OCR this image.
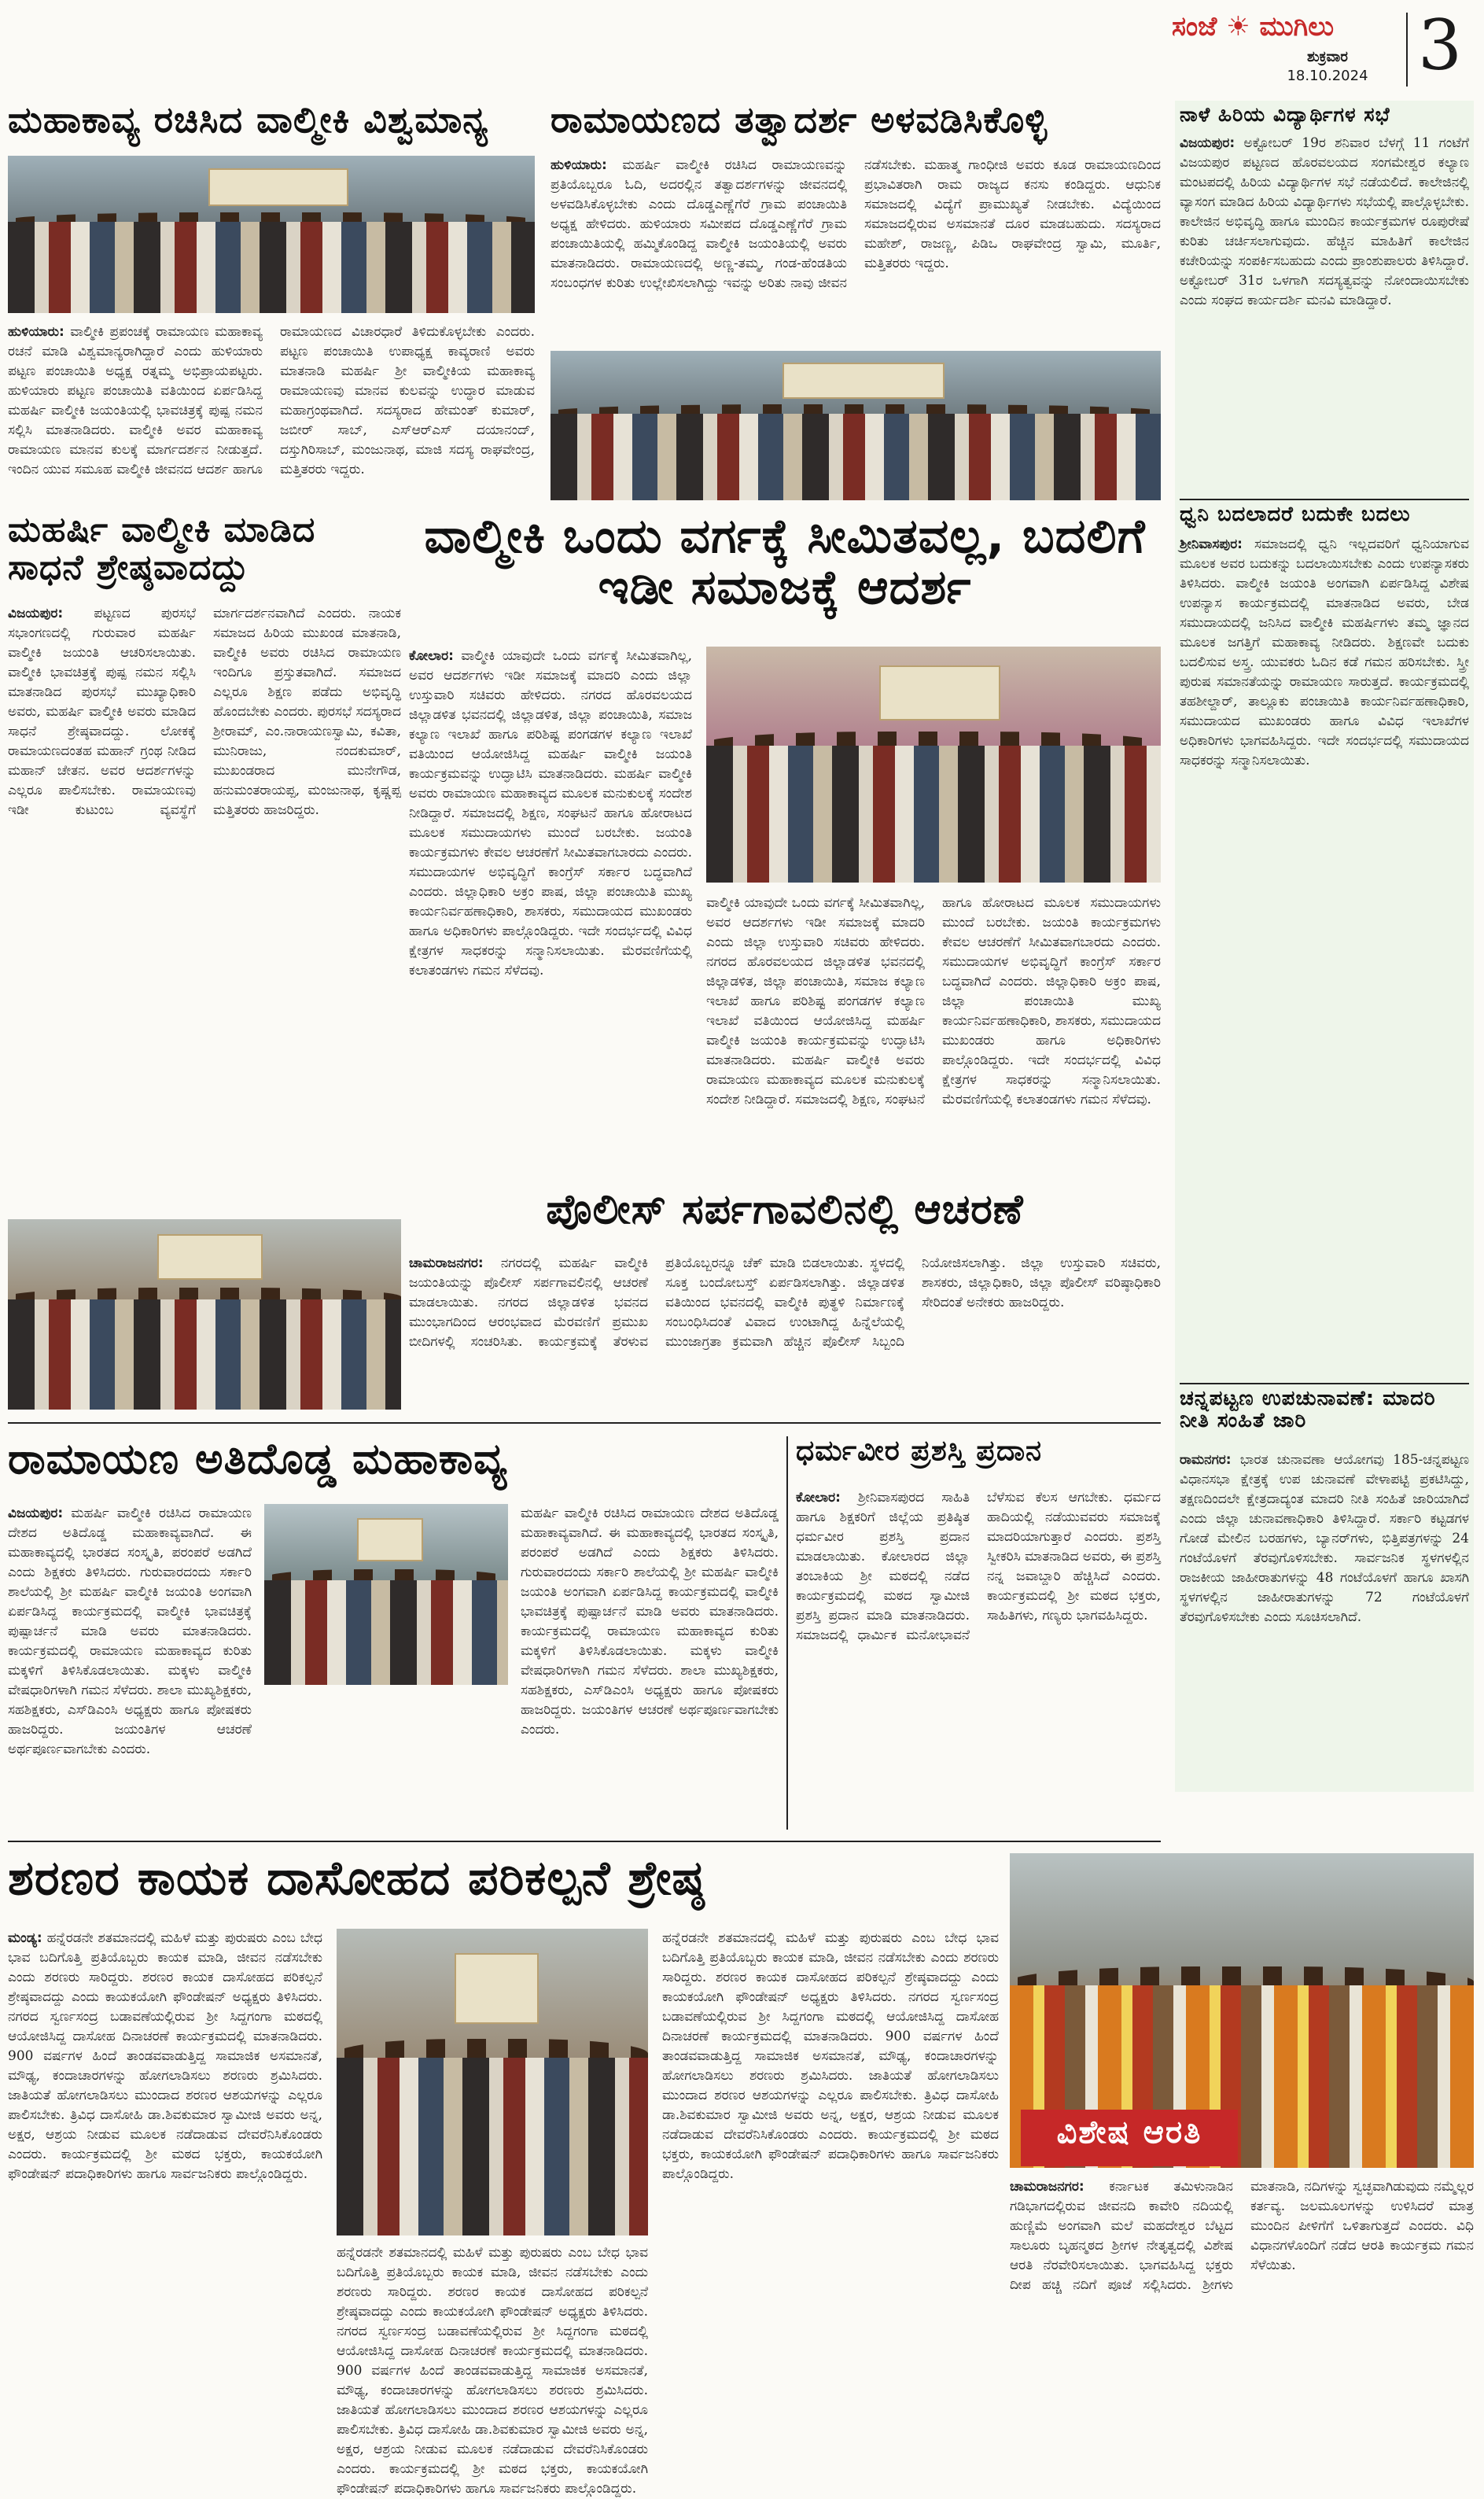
ಸಂಜೆ ☀ ಮುಗಿಲು
ಶುಕ್ರವಾರ
18.10.2024 3
ಮಹಾಕಾವ್ಯ ರಚಿಸಿದ ವಾಲ್ಮೀಕಿ ವಿಶ್ವಮಾನ್ಯ
ಹುಳಿಯಾರು: ವಾಲ್ಮೀಕಿ ಪ್ರಪಂಚಕ್ಕೆ ರಾಮಾಯಣ ಮಹಾಕಾವ್ಯ ರಚನೆ ಮಾಡಿ ವಿಶ್ವಮಾನ್ಯರಾಗಿದ್ದಾರೆ ಎಂದು ಹುಳಿಯಾರು ಪಟ್ಟಣ ಪಂಚಾಯಿತಿ ಅಧ್ಯಕ್ಷ ರತ್ನಮ್ಮ ಅಭಿಪ್ರಾಯಪಟ್ಟರು. ಹುಳಿಯಾರು ಪಟ್ಟಣ ಪಂಚಾಯಿತಿ ವತಿಯಿಂದ ಏರ್ಪಡಿಸಿದ್ದ ಮಹರ್ಷಿ ವಾಲ್ಮೀಕಿ ಜಯಂತಿಯಲ್ಲಿ ಭಾವಚಿತ್ರಕ್ಕೆ ಪುಷ್ಪ ನಮನ ಸಲ್ಲಿಸಿ ಮಾತನಾಡಿದರು. ವಾಲ್ಮೀಕಿ ಅವರ ಮಹಾಕಾವ್ಯ ರಾಮಾಯಣ ಮಾನವ ಕುಲಕ್ಕೆ ಮಾರ್ಗದರ್ಶನ ನೀಡುತ್ತದೆ. ಇಂದಿನ ಯುವ ಸಮೂಹ ವಾಲ್ಮೀಕಿ ಜೀವನದ ಆದರ್ಶ ಹಾಗೂ ರಾಮಾಯಣದ ವಿಚಾರಧಾರೆ ತಿಳಿದುಕೊಳ್ಳಬೇಕು ಎಂದರು. ಪಟ್ಟಣ ಪಂಚಾಯಿತಿ ಉಪಾಧ್ಯಕ್ಷ ಕಾವ್ಯರಾಣಿ ಅವರು ಮಾತನಾಡಿ ಮಹರ್ಷಿ ಶ್ರೀ ವಾಲ್ಮೀಕಿಯ ಮಹಾಕಾವ್ಯ ರಾಮಾಯಣವು ಮಾನವ ಕುಲವನ್ನು ಉದ್ಧಾರ ಮಾಡುವ ಮಹಾಗ್ರಂಥವಾಗಿದೆ. ಸದಸ್ಯರಾದ ಹೇಮಂತ್ ಕುಮಾರ್, ಜಬೀರ್ ಸಾಬ್, ಎಸ್ಆರ್‌ಎಸ್ ದಯಾನಂದ್, ದಸ್ತುಗಿರಿಸಾಬ್, ಮಂಜುನಾಥ, ಮಾಜಿ ಸದಸ್ಯ ರಾಘವೇಂದ್ರ, ಮತ್ತಿತರರು ಇದ್ದರು.
ರಾಮಾಯಣದ ತತ್ವಾದರ್ಶ ಅಳವಡಿಸಿಕೊಳ್ಳಿ
ಹುಳಿಯಾರು: ಮಹರ್ಷಿ ವಾಲ್ಮೀಕಿ ರಚಿಸಿದ ರಾಮಾಯಣವನ್ನು ಪ್ರತಿಯೊಬ್ಬರೂ ಓದಿ, ಅದರಲ್ಲಿನ ತತ್ವಾದರ್ಶಗಳನ್ನು ಜೀವನದಲ್ಲಿ ಅಳವಡಿಸಿಕೊಳ್ಳಬೇಕು ಎಂದು ದೊಡ್ಡಎಣ್ಣೆಗೆರೆ ಗ್ರಾಮ ಪಂಚಾಯಿತಿ ಅಧ್ಯಕ್ಷ ಹೇಳಿದರು. ಹುಳಿಯಾರು ಸಮೀಪದ ದೊಡ್ಡಎಣ್ಣೆಗೆರೆ ಗ್ರಾಮ ಪಂಚಾಯಿತಿಯಲ್ಲಿ ಹಮ್ಮಿಕೊಂಡಿದ್ದ ವಾಲ್ಮೀಕಿ ಜಯಂತಿಯಲ್ಲಿ ಅವರು ಮಾತನಾಡಿದರು. ರಾಮಾಯಣದಲ್ಲಿ ಅಣ್ಣ-ತಮ್ಮ, ಗಂಡ-ಹೆಂಡತಿಯ ಸಂಬಂಧಗಳ ಕುರಿತು ಉಲ್ಲೇಖಿಸಲಾಗಿದ್ದು ಇವನ್ನು ಅರಿತು ನಾವು ಜೀವನ ನಡೆಸಬೇಕು. ಮಹಾತ್ಮ ಗಾಂಧೀಜಿ ಅವರು ಕೂಡ ರಾಮಾಯಣದಿಂದ ಪ್ರಭಾವಿತರಾಗಿ ರಾಮ ರಾಜ್ಯದ ಕನಸು ಕಂಡಿದ್ದರು. ಆಧುನಿಕ ಸಮಾಜದಲ್ಲಿ ವಿದ್ಯೆಗೆ ಪ್ರಾಮುಖ್ಯತೆ ನೀಡಬೇಕು. ವಿದ್ಯೆಯಿಂದ ಸಮಾಜದಲ್ಲಿರುವ ಅಸಮಾನತೆ ದೂರ ಮಾಡಬಹುದು. ಸದಸ್ಯರಾದ ಮಹೇಶ್, ರಾಜಣ್ಣ, ಪಿಡಿಒ ರಾಘವೇಂದ್ರ ಸ್ವಾಮಿ, ಮೂರ್ತಿ, ಮತ್ತಿತರರು ಇದ್ದರು.
ನಾಳೆ ಹಿರಿಯ ವಿದ್ಯಾರ್ಥಿಗಳ ಸಭೆ
ವಿಜಯಪುರ: ಅಕ್ಟೋಬರ್ 19ರ ಶನಿವಾರ ಬೆಳಗ್ಗೆ 11 ಗಂಟೆಗೆ ವಿಜಯಪುರ ಪಟ್ಟಣದ ಹೊರವಲಯದ ಸಂಗಮೇಶ್ವರ ಕಲ್ಯಾಣ ಮಂಟಪದಲ್ಲಿ ಹಿರಿಯ ವಿದ್ಯಾರ್ಥಿಗಳ ಸಭೆ ನಡೆಯಲಿದೆ. ಕಾಲೇಜಿನಲ್ಲಿ ವ್ಯಾಸಂಗ ಮಾಡಿದ ಹಿರಿಯ ವಿದ್ಯಾರ್ಥಿಗಳು ಸಭೆಯಲ್ಲಿ ಪಾಲ್ಗೊಳ್ಳಬೇಕು. ಕಾಲೇಜಿನ ಅಭಿವೃದ್ಧಿ ಹಾಗೂ ಮುಂದಿನ ಕಾರ್ಯಕ್ರಮಗಳ ರೂಪುರೇಷೆ ಕುರಿತು ಚರ್ಚಿಸಲಾಗುವುದು. ಹೆಚ್ಚಿನ ಮಾಹಿತಿಗೆ ಕಾಲೇಜಿನ ಕಚೇರಿಯನ್ನು ಸಂಪರ್ಕಿಸಬಹುದು ಎಂದು ಪ್ರಾಂಶುಪಾಲರು ತಿಳಿಸಿದ್ದಾರೆ. ಅಕ್ಟೋಬರ್ 31ರ ಒಳಗಾಗಿ ಸದಸ್ಯತ್ವವನ್ನು ನೋಂದಾಯಿಸಬೇಕು ಎಂದು ಸಂಘದ ಕಾರ್ಯದರ್ಶಿ ಮನವಿ ಮಾಡಿದ್ದಾರೆ.
ಧ್ವನಿ ಬದಲಾದರೆ ಬದುಕೇ ಬದಲು
ಶ್ರೀನಿವಾಸಪುರ: ಸಮಾಜದಲ್ಲಿ ಧ್ವನಿ ಇಲ್ಲದವರಿಗೆ ಧ್ವನಿಯಾಗುವ ಮೂಲಕ ಅವರ ಬದುಕನ್ನು ಬದಲಾಯಿಸಬೇಕು ಎಂದು ಉಪನ್ಯಾಸಕರು ತಿಳಿಸಿದರು. ವಾಲ್ಮೀಕಿ ಜಯಂತಿ ಅಂಗವಾಗಿ ಏರ್ಪಡಿಸಿದ್ದ ವಿಶೇಷ ಉಪನ್ಯಾಸ ಕಾರ್ಯಕ್ರಮದಲ್ಲಿ ಮಾತನಾಡಿದ ಅವರು, ಬೇಡ ಸಮುದಾಯದಲ್ಲಿ ಜನಿಸಿದ ವಾಲ್ಮೀಕಿ ಮಹರ್ಷಿಗಳು ತಮ್ಮ ಜ್ಞಾನದ ಮೂಲಕ ಜಗತ್ತಿಗೆ ಮಹಾಕಾವ್ಯ ನೀಡಿದರು. ಶಿಕ್ಷಣವೇ ಬದುಕು ಬದಲಿಸುವ ಅಸ್ತ್ರ. ಯುವಕರು ಓದಿನ ಕಡೆ ಗಮನ ಹರಿಸಬೇಕು. ಸ್ತ್ರೀ ಪುರುಷ ಸಮಾನತೆಯನ್ನು ರಾಮಾಯಣ ಸಾರುತ್ತದೆ. ಕಾರ್ಯಕ್ರಮದಲ್ಲಿ ತಹಶೀಲ್ದಾರ್, ತಾಲ್ಲೂಕು ಪಂಚಾಯಿತಿ ಕಾರ್ಯನಿರ್ವಹಣಾಧಿಕಾರಿ, ಸಮುದಾಯದ ಮುಖಂಡರು ಹಾಗೂ ವಿವಿಧ ಇಲಾಖೆಗಳ ಅಧಿಕಾರಿಗಳು ಭಾಗವಹಿಸಿದ್ದರು. ಇದೇ ಸಂದರ್ಭದಲ್ಲಿ ಸಮುದಾಯದ ಸಾಧಕರನ್ನು ಸನ್ಮಾನಿಸಲಾಯಿತು.
ಚನ್ನಪಟ್ಟಣ ಉಪಚುನಾವಣೆ: ಮಾದರಿ ನೀತಿ ಸಂಹಿತೆ ಜಾರಿ
ರಾಮನಗರ: ಭಾರತ ಚುನಾವಣಾ ಆಯೋಗವು 185-ಚನ್ನಪಟ್ಟಣ ವಿಧಾನಸಭಾ ಕ್ಷೇತ್ರಕ್ಕೆ ಉಪ ಚುನಾವಣೆ ವೇಳಾಪಟ್ಟಿ ಪ್ರಕಟಿಸಿದ್ದು, ತಕ್ಷಣದಿಂದಲೇ ಕ್ಷೇತ್ರದಾದ್ಯಂತ ಮಾದರಿ ನೀತಿ ಸಂಹಿತೆ ಜಾರಿಯಾಗಿದೆ ಎಂದು ಜಿಲ್ಲಾ ಚುನಾವಣಾಧಿಕಾರಿ ತಿಳಿಸಿದ್ದಾರೆ. ಸರ್ಕಾರಿ ಕಟ್ಟಡಗಳ ಗೋಡೆ ಮೇಲಿನ ಬರಹಗಳು, ಬ್ಯಾನರ್‌ಗಳು, ಭಿತ್ತಿಪತ್ರಗಳನ್ನು 24 ಗಂಟೆಯೊಳಗೆ ತೆರವುಗೊಳಿಸಬೇಕು. ಸಾರ್ವಜನಿಕ ಸ್ಥಳಗಳಲ್ಲಿನ ರಾಜಕೀಯ ಜಾಹೀರಾತುಗಳನ್ನು 48 ಗಂಟೆಯೊಳಗೆ ಹಾಗೂ ಖಾಸಗಿ ಸ್ಥಳಗಳಲ್ಲಿನ ಜಾಹೀರಾತುಗಳನ್ನು 72 ಗಂಟೆಯೊಳಗೆ ತೆರವುಗೊಳಿಸಬೇಕು ಎಂದು ಸೂಚಿಸಲಾಗಿದೆ.
ಮಹರ್ಷಿ ವಾಲ್ಮೀಕಿ ಮಾಡಿದ ಸಾಧನೆ ಶ್ರೇಷ್ಠವಾದದ್ದು
ವಿಜಯಪುರ: ಪಟ್ಟಣದ ಪುರಸಭೆ ಸಭಾಂಗಣದಲ್ಲಿ ಗುರುವಾರ ಮಹರ್ಷಿ ವಾಲ್ಮೀಕಿ ಜಯಂತಿ ಆಚರಿಸಲಾಯಿತು. ವಾಲ್ಮೀಕಿ ಭಾವಚಿತ್ರಕ್ಕೆ ಪುಷ್ಪ ನಮನ ಸಲ್ಲಿಸಿ ಮಾತನಾಡಿದ ಪುರಸಭೆ ಮುಖ್ಯಾಧಿಕಾರಿ ಅವರು, ಮಹರ್ಷಿ ವಾಲ್ಮೀಕಿ ಅವರು ಮಾಡಿದ ಸಾಧನೆ ಶ್ರೇಷ್ಠವಾದದ್ದು. ಲೋಕಕ್ಕೆ ರಾಮಾಯಣದಂತಹ ಮಹಾನ್ ಗ್ರಂಥ ನೀಡಿದ ಮಹಾನ್ ಚೇತನ. ಅವರ ಆದರ್ಶಗಳನ್ನು ಎಲ್ಲರೂ ಪಾಲಿಸಬೇಕು. ರಾಮಾಯಣವು ಇಡೀ ಕುಟುಂಬ ವ್ಯವಸ್ಥೆಗೆ ಮಾರ್ಗದರ್ಶನವಾಗಿದೆ ಎಂದರು. ನಾಯಕ ಸಮಾಜದ ಹಿರಿಯ ಮುಖಂಡ ಮಾತನಾಡಿ, ವಾಲ್ಮೀಕಿ ಅವರು ರಚಿಸಿದ ರಾಮಾಯಣ ಇಂದಿಗೂ ಪ್ರಸ್ತುತವಾಗಿದೆ. ಸಮಾಜದ ಎಲ್ಲರೂ ಶಿಕ್ಷಣ ಪಡೆದು ಅಭಿವೃದ್ಧಿ ಹೊಂದಬೇಕು ಎಂದರು. ಪುರಸಭೆ ಸದಸ್ಯರಾದ ಶ್ರೀರಾಮ್, ಎಂ.ನಾರಾಯಣಸ್ವಾಮಿ, ಕವಿತಾ, ಮುನಿರಾಜು, ನಂದಕುಮಾರ್, ಮುಖಂಡರಾದ ಮುನೇಗೌಡ, ಹನುಮಂತರಾಯಪ್ಪ, ಮಂಜುನಾಥ, ಕೃಷ್ಣಪ್ಪ ಮತ್ತಿತರರು ಹಾಜರಿದ್ದರು.
ವಾಲ್ಮೀಕಿ ಒಂದು ವರ್ಗಕ್ಕೆ ಸೀಮಿತವಲ್ಲ, ಬದಲಿಗೆ ಇಡೀ ಸಮಾಜಕ್ಕೆ ಆದರ್ಶ
ಕೋಲಾರ: ವಾಲ್ಮೀಕಿ ಯಾವುದೇ ಒಂದು ವರ್ಗಕ್ಕೆ ಸೀಮಿತವಾಗಿಲ್ಲ, ಅವರ ಆದರ್ಶಗಳು ಇಡೀ ಸಮಾಜಕ್ಕೆ ಮಾದರಿ ಎಂದು ಜಿಲ್ಲಾ ಉಸ್ತುವಾರಿ ಸಚಿವರು ಹೇಳಿದರು. ನಗರದ ಹೊರವಲಯದ ಜಿಲ್ಲಾಡಳಿತ ಭವನದಲ್ಲಿ ಜಿಲ್ಲಾಡಳಿತ, ಜಿಲ್ಲಾ ಪಂಚಾಯಿತಿ, ಸಮಾಜ ಕಲ್ಯಾಣ ಇಲಾಖೆ ಹಾಗೂ ಪರಿಶಿಷ್ಟ ಪಂಗಡಗಳ ಕಲ್ಯಾಣ ಇಲಾಖೆ ವತಿಯಿಂದ ಆಯೋಜಿಸಿದ್ದ ಮಹರ್ಷಿ ವಾಲ್ಮೀಕಿ ಜಯಂತಿ ಕಾರ್ಯಕ್ರಮವನ್ನು ಉದ್ಘಾಟಿಸಿ ಮಾತನಾಡಿದರು. ಮಹರ್ಷಿ ವಾಲ್ಮೀಕಿ ಅವರು ರಾಮಾಯಣ ಮಹಾಕಾವ್ಯದ ಮೂಲಕ ಮನುಕುಲಕ್ಕೆ ಸಂದೇಶ ನೀಡಿದ್ದಾರೆ. ಸಮಾಜದಲ್ಲಿ ಶಿಕ್ಷಣ, ಸಂಘಟನೆ ಹಾಗೂ ಹೋರಾಟದ ಮೂಲಕ ಸಮುದಾಯಗಳು ಮುಂದೆ ಬರಬೇಕು. ಜಯಂತಿ ಕಾರ್ಯಕ್ರಮಗಳು ಕೇವಲ ಆಚರಣೆಗೆ ಸೀಮಿತವಾಗಬಾರದು ಎಂದರು. ಸಮುದಾಯಗಳ ಅಭಿವೃದ್ಧಿಗೆ ಕಾಂಗ್ರೆಸ್ ಸರ್ಕಾರ ಬದ್ಧವಾಗಿದೆ ಎಂದರು. ಜಿಲ್ಲಾಧಿಕಾರಿ ಅಕ್ರಂ ಪಾಷ, ಜಿಲ್ಲಾ ಪಂಚಾಯಿತಿ ಮುಖ್ಯ ಕಾರ್ಯನಿರ್ವಹಣಾಧಿಕಾರಿ, ಶಾಸಕರು, ಸಮುದಾಯದ ಮುಖಂಡರು ಹಾಗೂ ಅಧಿಕಾರಿಗಳು ಪಾಲ್ಗೊಂಡಿದ್ದರು. ಇದೇ ಸಂದರ್ಭದಲ್ಲಿ ವಿವಿಧ ಕ್ಷೇತ್ರಗಳ ಸಾಧಕರನ್ನು ಸನ್ಮಾನಿಸಲಾಯಿತು. ಮೆರವಣಿಗೆಯಲ್ಲಿ ಕಲಾತಂಡಗಳು ಗಮನ ಸೆಳೆದವು.
ವಾಲ್ಮೀಕಿ ಯಾವುದೇ ಒಂದು ವರ್ಗಕ್ಕೆ ಸೀಮಿತವಾಗಿಲ್ಲ, ಅವರ ಆದರ್ಶಗಳು ಇಡೀ ಸಮಾಜಕ್ಕೆ ಮಾದರಿ ಎಂದು ಜಿಲ್ಲಾ ಉಸ್ತುವಾರಿ ಸಚಿವರು ಹೇಳಿದರು. ನಗರದ ಹೊರವಲಯದ ಜಿಲ್ಲಾಡಳಿತ ಭವನದಲ್ಲಿ ಜಿಲ್ಲಾಡಳಿತ, ಜಿಲ್ಲಾ ಪಂಚಾಯಿತಿ, ಸಮಾಜ ಕಲ್ಯಾಣ ಇಲಾಖೆ ಹಾಗೂ ಪರಿಶಿಷ್ಟ ಪಂಗಡಗಳ ಕಲ್ಯಾಣ ಇಲಾಖೆ ವತಿಯಿಂದ ಆಯೋಜಿಸಿದ್ದ ಮಹರ್ಷಿ ವಾಲ್ಮೀಕಿ ಜಯಂತಿ ಕಾರ್ಯಕ್ರಮವನ್ನು ಉದ್ಘಾಟಿಸಿ ಮಾತನಾಡಿದರು. ಮಹರ್ಷಿ ವಾಲ್ಮೀಕಿ ಅವರು ರಾಮಾಯಣ ಮಹಾಕಾವ್ಯದ ಮೂಲಕ ಮನುಕುಲಕ್ಕೆ ಸಂದೇಶ ನೀಡಿದ್ದಾರೆ. ಸಮಾಜದಲ್ಲಿ ಶಿಕ್ಷಣ, ಸಂಘಟನೆ ಹಾಗೂ ಹೋರಾಟದ ಮೂಲಕ ಸಮುದಾಯಗಳು ಮುಂದೆ ಬರಬೇಕು. ಜಯಂತಿ ಕಾರ್ಯಕ್ರಮಗಳು ಕೇವಲ ಆಚರಣೆಗೆ ಸೀಮಿತವಾಗಬಾರದು ಎಂದರು. ಸಮುದಾಯಗಳ ಅಭಿವೃದ್ಧಿಗೆ ಕಾಂಗ್ರೆಸ್ ಸರ್ಕಾರ ಬದ್ಧವಾಗಿದೆ ಎಂದರು. ಜಿಲ್ಲಾಧಿಕಾರಿ ಅಕ್ರಂ ಪಾಷ, ಜಿಲ್ಲಾ ಪಂಚಾಯಿತಿ ಮುಖ್ಯ ಕಾರ್ಯನಿರ್ವಹಣಾಧಿಕಾರಿ, ಶಾಸಕರು, ಸಮುದಾಯದ ಮುಖಂಡರು ಹಾಗೂ ಅಧಿಕಾರಿಗಳು ಪಾಲ್ಗೊಂಡಿದ್ದರು. ಇದೇ ಸಂದರ್ಭದಲ್ಲಿ ವಿವಿಧ ಕ್ಷೇತ್ರಗಳ ಸಾಧಕರನ್ನು ಸನ್ಮಾನಿಸಲಾಯಿತು. ಮೆರವಣಿಗೆಯಲ್ಲಿ ಕಲಾತಂಡಗಳು ಗಮನ ಸೆಳೆದವು.
ಪೊಲೀಸ್ ಸರ್ಪಗಾವಲಿನಲ್ಲಿ ಆಚರಣೆ
ಚಾಮರಾಜನಗರ: ನಗರದಲ್ಲಿ ಮಹರ್ಷಿ ವಾಲ್ಮೀಕಿ ಜಯಂತಿಯನ್ನು ಪೊಲೀಸ್ ಸರ್ಪಗಾವಲಿನಲ್ಲಿ ಆಚರಣೆ ಮಾಡಲಾಯಿತು. ನಗರದ ಜಿಲ್ಲಾಡಳಿತ ಭವನದ ಮುಂಭಾಗದಿಂದ ಆರಂಭವಾದ ಮೆರವಣಿಗೆ ಪ್ರಮುಖ ಬೀದಿಗಳಲ್ಲಿ ಸಂಚರಿಸಿತು. ಕಾರ್ಯಕ್ರಮಕ್ಕೆ ತೆರಳುವ ಪ್ರತಿಯೊಬ್ಬರನ್ನೂ ಚೆಕ್ ಮಾಡಿ ಬಿಡಲಾಯಿತು. ಸ್ಥಳದಲ್ಲಿ ಸೂಕ್ತ ಬಂದೋಬಸ್ತ್ ಏರ್ಪಡಿಸಲಾಗಿತ್ತು. ಜಿಲ್ಲಾಡಳಿತ ವತಿಯಿಂದ ಭವನದಲ್ಲಿ ವಾಲ್ಮೀಕಿ ಪುತ್ಥಳಿ ನಿರ್ಮಾಣಕ್ಕೆ ಸಂಬಂಧಿಸಿದಂತೆ ವಿವಾದ ಉಂಟಾಗಿದ್ದ ಹಿನ್ನೆಲೆಯಲ್ಲಿ ಮುಂಜಾಗ್ರತಾ ಕ್ರಮವಾಗಿ ಹೆಚ್ಚಿನ ಪೊಲೀಸ್ ಸಿಬ್ಬಂದಿ ನಿಯೋಜಿಸಲಾಗಿತ್ತು. ಜಿಲ್ಲಾ ಉಸ್ತುವಾರಿ ಸಚಿವರು, ಶಾಸಕರು, ಜಿಲ್ಲಾಧಿಕಾರಿ, ಜಿಲ್ಲಾ ಪೊಲೀಸ್ ವರಿಷ್ಠಾಧಿಕಾರಿ ಸೇರಿದಂತೆ ಅನೇಕರು ಹಾಜರಿದ್ದರು.
ರಾಮಾಯಣ ಅತಿದೊಡ್ಡ ಮಹಾಕಾವ್ಯ
ವಿಜಯಪುರ: ಮಹರ್ಷಿ ವಾಲ್ಮೀಕಿ ರಚಿಸಿದ ರಾಮಾಯಣ ದೇಶದ ಅತಿದೊಡ್ಡ ಮಹಾಕಾವ್ಯವಾಗಿದೆ. ಈ ಮಹಾಕಾವ್ಯದಲ್ಲಿ ಭಾರತದ ಸಂಸ್ಕೃತಿ, ಪರಂಪರೆ ಅಡಗಿದೆ ಎಂದು ಶಿಕ್ಷಕರು ತಿಳಿಸಿದರು. ಗುರುವಾರದಂದು ಸರ್ಕಾರಿ ಶಾಲೆಯಲ್ಲಿ ಶ್ರೀ ಮಹರ್ಷಿ ವಾಲ್ಮೀಕಿ ಜಯಂತಿ ಅಂಗವಾಗಿ ಏರ್ಪಡಿಸಿದ್ದ ಕಾರ್ಯಕ್ರಮದಲ್ಲಿ ವಾಲ್ಮೀಕಿ ಭಾವಚಿತ್ರಕ್ಕೆ ಪುಷ್ಪಾರ್ಚನೆ ಮಾಡಿ ಅವರು ಮಾತನಾಡಿದರು. ಕಾರ್ಯಕ್ರಮದಲ್ಲಿ ರಾಮಾಯಣ ಮಹಾಕಾವ್ಯದ ಕುರಿತು ಮಕ್ಕಳಿಗೆ ತಿಳಿಸಿಕೊಡಲಾಯಿತು. ಮಕ್ಕಳು ವಾಲ್ಮೀಕಿ ವೇಷಧಾರಿಗಳಾಗಿ ಗಮನ ಸೆಳೆದರು. ಶಾಲಾ ಮುಖ್ಯಶಿಕ್ಷಕರು, ಸಹಶಿಕ್ಷಕರು, ಎಸ್‌ಡಿಎಂಸಿ ಅಧ್ಯಕ್ಷರು ಹಾಗೂ ಪೋಷಕರು ಹಾಜರಿದ್ದರು. ಜಯಂತಿಗಳ ಆಚರಣೆ ಅರ್ಥಪೂರ್ಣವಾಗಬೇಕು ಎಂದರು.
ಮಹರ್ಷಿ ವಾಲ್ಮೀಕಿ ರಚಿಸಿದ ರಾಮಾಯಣ ದೇಶದ ಅತಿದೊಡ್ಡ ಮಹಾಕಾವ್ಯವಾಗಿದೆ. ಈ ಮಹಾಕಾವ್ಯದಲ್ಲಿ ಭಾರತದ ಸಂಸ್ಕೃತಿ, ಪರಂಪರೆ ಅಡಗಿದೆ ಎಂದು ಶಿಕ್ಷಕರು ತಿಳಿಸಿದರು. ಗುರುವಾರದಂದು ಸರ್ಕಾರಿ ಶಾಲೆಯಲ್ಲಿ ಶ್ರೀ ಮಹರ್ಷಿ ವಾಲ್ಮೀಕಿ ಜಯಂತಿ ಅಂಗವಾಗಿ ಏರ್ಪಡಿಸಿದ್ದ ಕಾರ್ಯಕ್ರಮದಲ್ಲಿ ವಾಲ್ಮೀಕಿ ಭಾವಚಿತ್ರಕ್ಕೆ ಪುಷ್ಪಾರ್ಚನೆ ಮಾಡಿ ಅವರು ಮಾತನಾಡಿದರು. ಕಾರ್ಯಕ್ರಮದಲ್ಲಿ ರಾಮಾಯಣ ಮಹಾಕಾವ್ಯದ ಕುರಿತು ಮಕ್ಕಳಿಗೆ ತಿಳಿಸಿಕೊಡಲಾಯಿತು. ಮಕ್ಕಳು ವಾಲ್ಮೀಕಿ ವೇಷಧಾರಿಗಳಾಗಿ ಗಮನ ಸೆಳೆದರು. ಶಾಲಾ ಮುಖ್ಯಶಿಕ್ಷಕರು, ಸಹಶಿಕ್ಷಕರು, ಎಸ್‌ಡಿಎಂಸಿ ಅಧ್ಯಕ್ಷರು ಹಾಗೂ ಪೋಷಕರು ಹಾಜರಿದ್ದರು. ಜಯಂತಿಗಳ ಆಚರಣೆ ಅರ್ಥಪೂರ್ಣವಾಗಬೇಕು ಎಂದರು.
ಧರ್ಮವೀರ ಪ್ರಶಸ್ತಿ ಪ್ರದಾನ
ಕೋಲಾರ: ಶ್ರೀನಿವಾಸಪುರದ ಸಾಹಿತಿ ಹಾಗೂ ಶಿಕ್ಷಕರಿಗೆ ಜಿಲ್ಲೆಯ ಪ್ರತಿಷ್ಠಿತ ಧರ್ಮವೀರ ಪ್ರಶಸ್ತಿ ಪ್ರದಾನ ಮಾಡಲಾಯಿತು. ಕೋಲಾರದ ಜಿಲ್ಲಾ ತಂಬಾಕಿಯ ಶ್ರೀ ಮಠದಲ್ಲಿ ನಡೆದ ಕಾರ್ಯಕ್ರಮದಲ್ಲಿ ಮಠದ ಸ್ವಾಮೀಜಿ ಪ್ರಶಸ್ತಿ ಪ್ರದಾನ ಮಾಡಿ ಮಾತನಾಡಿದರು. ಸಮಾಜದಲ್ಲಿ ಧಾರ್ಮಿಕ ಮನೋಭಾವನೆ ಬೆಳೆಸುವ ಕೆಲಸ ಆಗಬೇಕು. ಧರ್ಮದ ಹಾದಿಯಲ್ಲಿ ನಡೆಯುವವರು ಸಮಾಜಕ್ಕೆ ಮಾದರಿಯಾಗುತ್ತಾರೆ ಎಂದರು. ಪ್ರಶಸ್ತಿ ಸ್ವೀಕರಿಸಿ ಮಾತನಾಡಿದ ಅವರು, ಈ ಪ್ರಶಸ್ತಿ ನನ್ನ ಜವಾಬ್ದಾರಿ ಹೆಚ್ಚಿಸಿದೆ ಎಂದರು. ಕಾರ್ಯಕ್ರಮದಲ್ಲಿ ಶ್ರೀ ಮಠದ ಭಕ್ತರು, ಸಾಹಿತಿಗಳು, ಗಣ್ಯರು ಭಾಗವಹಿಸಿದ್ದರು.
ಶರಣರ ಕಾಯಕ ದಾಸೋಹದ ಪರಿಕಲ್ಪನೆ ಶ್ರೇಷ್ಠ
ಮಂಡ್ಯ: ಹನ್ನೆರಡನೇ ಶತಮಾನದಲ್ಲಿ ಮಹಿಳೆ ಮತ್ತು ಪುರುಷರು ಎಂಬ ಬೇಧ ಭಾವ ಬದಿಗೊತ್ತಿ ಪ್ರತಿಯೊಬ್ಬರು ಕಾಯಕ ಮಾಡಿ, ಜೀವನ ನಡೆಸಬೇಕು ಎಂದು ಶರಣರು ಸಾರಿದ್ದರು. ಶರಣರ ಕಾಯಕ ದಾಸೋಹದ ಪರಿಕಲ್ಪನೆ ಶ್ರೇಷ್ಠವಾದದ್ದು ಎಂದು ಕಾಯಕಯೋಗಿ ಫೌಂಡೇಷನ್ ಅಧ್ಯಕ್ಷರು ತಿಳಿಸಿದರು. ನಗರದ ಸ್ವರ್ಣಸಂದ್ರ ಬಡಾವಣೆಯಲ್ಲಿರುವ ಶ್ರೀ ಸಿದ್ದಗಂಗಾ ಮಠದಲ್ಲಿ ಆಯೋಜಿಸಿದ್ದ ದಾಸೋಹ ದಿನಾಚರಣೆ ಕಾರ್ಯಕ್ರಮದಲ್ಲಿ ಮಾತನಾಡಿದರು. 900 ವರ್ಷಗಳ ಹಿಂದೆ ತಾಂಡವವಾಡುತ್ತಿದ್ದ ಸಾಮಾಜಿಕ ಅಸಮಾನತೆ, ಮೌಢ್ಯ, ಕಂದಾಚಾರಗಳನ್ನು ಹೋಗಲಾಡಿಸಲು ಶರಣರು ಶ್ರಮಿಸಿದರು. ಜಾತಿಯತೆ ಹೋಗಲಾಡಿಸಲು ಮುಂದಾದ ಶರಣರ ಆಶಯಗಳನ್ನು ಎಲ್ಲರೂ ಪಾಲಿಸಬೇಕು. ತ್ರಿವಿಧ ದಾಸೋಹಿ ಡಾ.ಶಿವಕುಮಾರ ಸ್ವಾಮೀಜಿ ಅವರು ಅನ್ನ, ಅಕ್ಷರ, ಆಶ್ರಯ ನೀಡುವ ಮೂಲಕ ನಡೆದಾಡುವ ದೇವರೆನಿಸಿಕೊಂಡರು ಎಂದರು. ಕಾರ್ಯಕ್ರಮದಲ್ಲಿ ಶ್ರೀ ಮಠದ ಭಕ್ತರು, ಕಾಯಕಯೋಗಿ ಫೌಂಡೇಷನ್ ಪದಾಧಿಕಾರಿಗಳು ಹಾಗೂ ಸಾರ್ವಜನಿಕರು ಪಾಲ್ಗೊಂಡಿದ್ದರು.
ಹನ್ನೆರಡನೇ ಶತಮಾನದಲ್ಲಿ ಮಹಿಳೆ ಮತ್ತು ಪುರುಷರು ಎಂಬ ಬೇಧ ಭಾವ ಬದಿಗೊತ್ತಿ ಪ್ರತಿಯೊಬ್ಬರು ಕಾಯಕ ಮಾಡಿ, ಜೀವನ ನಡೆಸಬೇಕು ಎಂದು ಶರಣರು ಸಾರಿದ್ದರು. ಶರಣರ ಕಾಯಕ ದಾಸೋಹದ ಪರಿಕಲ್ಪನೆ ಶ್ರೇಷ್ಠವಾದದ್ದು ಎಂದು ಕಾಯಕಯೋಗಿ ಫೌಂಡೇಷನ್ ಅಧ್ಯಕ್ಷರು ತಿಳಿಸಿದರು. ನಗರದ ಸ್ವರ್ಣಸಂದ್ರ ಬಡಾವಣೆಯಲ್ಲಿರುವ ಶ್ರೀ ಸಿದ್ದಗಂಗಾ ಮಠದಲ್ಲಿ ಆಯೋಜಿಸಿದ್ದ ದಾಸೋಹ ದಿನಾಚರಣೆ ಕಾರ್ಯಕ್ರಮದಲ್ಲಿ ಮಾತನಾಡಿದರು. 900 ವರ್ಷಗಳ ಹಿಂದೆ ತಾಂಡವವಾಡುತ್ತಿದ್ದ ಸಾಮಾಜಿಕ ಅಸಮಾನತೆ, ಮೌಢ್ಯ, ಕಂದಾಚಾರಗಳನ್ನು ಹೋಗಲಾಡಿಸಲು ಶರಣರು ಶ್ರಮಿಸಿದರು. ಜಾತಿಯತೆ ಹೋಗಲಾಡಿಸಲು ಮುಂದಾದ ಶರಣರ ಆಶಯಗಳನ್ನು ಎಲ್ಲರೂ ಪಾಲಿಸಬೇಕು. ತ್ರಿವಿಧ ದಾಸೋಹಿ ಡಾ.ಶಿವಕುಮಾರ ಸ್ವಾಮೀಜಿ ಅವರು ಅನ್ನ, ಅಕ್ಷರ, ಆಶ್ರಯ ನೀಡುವ ಮೂಲಕ ನಡೆದಾಡುವ ದೇವರೆನಿಸಿಕೊಂಡರು ಎಂದರು. ಕಾರ್ಯಕ್ರಮದಲ್ಲಿ ಶ್ರೀ ಮಠದ ಭಕ್ತರು, ಕಾಯಕಯೋಗಿ ಫೌಂಡೇಷನ್ ಪದಾಧಿಕಾರಿಗಳು ಹಾಗೂ ಸಾರ್ವಜನಿಕರು ಪಾಲ್ಗೊಂಡಿದ್ದರು.
ಹನ್ನೆರಡನೇ ಶತಮಾನದಲ್ಲಿ ಮಹಿಳೆ ಮತ್ತು ಪುರುಷರು ಎಂಬ ಬೇಧ ಭಾವ ಬದಿಗೊತ್ತಿ ಪ್ರತಿಯೊಬ್ಬರು ಕಾಯಕ ಮಾಡಿ, ಜೀವನ ನಡೆಸಬೇಕು ಎಂದು ಶರಣರು ಸಾರಿದ್ದರು. ಶರಣರ ಕಾಯಕ ದಾಸೋಹದ ಪರಿಕಲ್ಪನೆ ಶ್ರೇಷ್ಠವಾದದ್ದು ಎಂದು ಕಾಯಕಯೋಗಿ ಫೌಂಡೇಷನ್ ಅಧ್ಯಕ್ಷರು ತಿಳಿಸಿದರು. ನಗರದ ಸ್ವರ್ಣಸಂದ್ರ ಬಡಾವಣೆಯಲ್ಲಿರುವ ಶ್ರೀ ಸಿದ್ದಗಂಗಾ ಮಠದಲ್ಲಿ ಆಯೋಜಿಸಿದ್ದ ದಾಸೋಹ ದಿನಾಚರಣೆ ಕಾರ್ಯಕ್ರಮದಲ್ಲಿ ಮಾತನಾಡಿದರು. 900 ವರ್ಷಗಳ ಹಿಂದೆ ತಾಂಡವವಾಡುತ್ತಿದ್ದ ಸಾಮಾಜಿಕ ಅಸಮಾನತೆ, ಮೌಢ್ಯ, ಕಂದಾಚಾರಗಳನ್ನು ಹೋಗಲಾಡಿಸಲು ಶರಣರು ಶ್ರಮಿಸಿದರು. ಜಾತಿಯತೆ ಹೋಗಲಾಡಿಸಲು ಮುಂದಾದ ಶರಣರ ಆಶಯಗಳನ್ನು ಎಲ್ಲರೂ ಪಾಲಿಸಬೇಕು. ತ್ರಿವಿಧ ದಾಸೋಹಿ ಡಾ.ಶಿವಕುಮಾರ ಸ್ವಾಮೀಜಿ ಅವರು ಅನ್ನ, ಅಕ್ಷರ, ಆಶ್ರಯ ನೀಡುವ ಮೂಲಕ ನಡೆದಾಡುವ ದೇವರೆನಿಸಿಕೊಂಡರು ಎಂದರು. ಕಾರ್ಯಕ್ರಮದಲ್ಲಿ ಶ್ರೀ ಮಠದ ಭಕ್ತರು, ಕಾಯಕಯೋಗಿ ಫೌಂಡೇಷನ್ ಪದಾಧಿಕಾರಿಗಳು ಹಾಗೂ ಸಾರ್ವಜನಿಕರು ಪಾಲ್ಗೊಂಡಿದ್ದರು.
ವಿಶೇಷ ಆರತಿ
ಚಾಮರಾಜನಗರ: ಕರ್ನಾಟಕ ತಮಿಳುನಾಡಿನ ಗಡಿಭಾಗದಲ್ಲಿರುವ ಜೀವನದಿ ಕಾವೇರಿ ನದಿಯಲ್ಲಿ ಹುಣ್ಣಿಮೆ ಅಂಗವಾಗಿ ಮಲೆ ಮಹದೇಶ್ವರ ಬೆಟ್ಟದ ಸಾಲೂರು ಬೃಹನ್ಮಠದ ಶ್ರೀಗಳ ನೇತೃತ್ವದಲ್ಲಿ ವಿಶೇಷ ಆರತಿ ನೆರವೇರಿಸಲಾಯಿತು. ಭಾಗವಹಿಸಿದ್ದ ಭಕ್ತರು ದೀಪ ಹಚ್ಚಿ ನದಿಗೆ ಪೂಜೆ ಸಲ್ಲಿಸಿದರು. ಶ್ರೀಗಳು ಮಾತನಾಡಿ, ನದಿಗಳನ್ನು ಸ್ವಚ್ಛವಾಗಿಡುವುದು ನಮ್ಮೆಲ್ಲರ ಕರ್ತವ್ಯ. ಜಲಮೂಲಗಳನ್ನು ಉಳಿಸಿದರೆ ಮಾತ್ರ ಮುಂದಿನ ಪೀಳಿಗೆಗೆ ಒಳಿತಾಗುತ್ತದೆ ಎಂದರು. ವಿಧಿ ವಿಧಾನಗಳೊಂದಿಗೆ ನಡೆದ ಆರತಿ ಕಾರ್ಯಕ್ರಮ ಗಮನ ಸೆಳೆಯಿತು.
